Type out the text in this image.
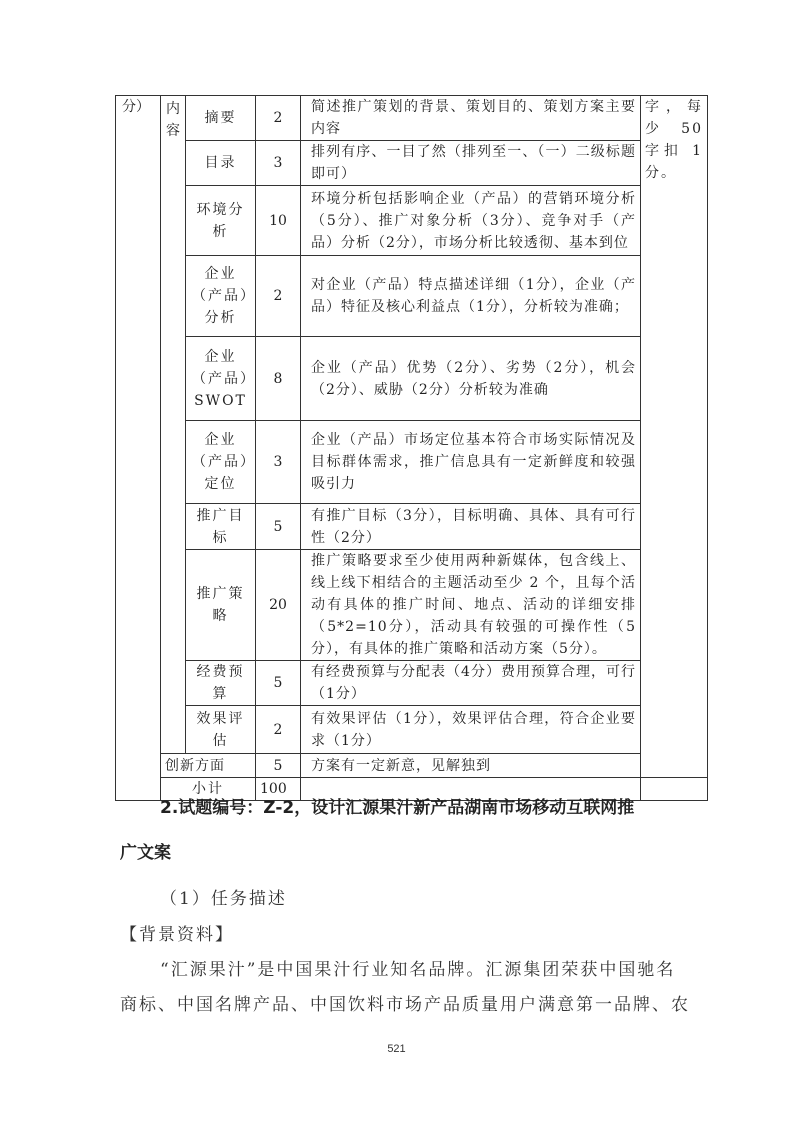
分）	内容	摘要	2	简述推广策划的背景、策划目的、策划方案主要内容	字，每少 50字扣 1分。
		目录	3	排列有序、一目了然（排列至一、（一）二级标题即可）	
		环境分析	10	环境分析包括影响企业（产品）的营销环境分析（5分）、推广对象分析（3分）、竞争对手（产品）分析（2分），市场分析比较透彻、基本到位	
		企业（产品）分析	2	对企业（产品）特点描述详细（1分），企业（产品）特征及核心利益点（1分），分析较为准确；	
		企业（产品）SWOT	8	企业（产品）优势（2分）、劣势（2分），机会（2分）、威胁（2分）分析较为准确	
		企业（产品）定位	3	企业（产品）市场定位基本符合市场实际情况及目标群体需求，推广信息具有一定新鲜度和较强吸引力	
		推广目标	5	有推广目标（3分），目标明确、具体、具有可行性（2分）	
		推广策略	20	推广策略要求至少使用两种新媒体，包含线上、线上线下相结合的主题活动至少 2 个，且每个活动有具体的推广时间、地点、活动的详细安排（5*2=10分），活动具有较强的可操作性（5分），有具体的推广策略和活动方案（5分）。	
		经费预算	5	有经费预算与分配表（4分）费用预算合理，可行（1分）	
		效果评估	2	有效果评估（1分），效果评估合理，符合企业要求（1分）	
	创新方面		5	方案有一定新意，见解独到	
	小计		100		
2.试题编号：Z-2，设计汇源果汁新产品湖南市场移动互联网推
广文案
（1）任务描述
【背景资料】
“汇源果汁”是中国果汁行业知名品牌。汇源集团荣获中国驰名
商标、中国名牌产品、中国饮料市场产品质量用户满意第一品牌、农
521
